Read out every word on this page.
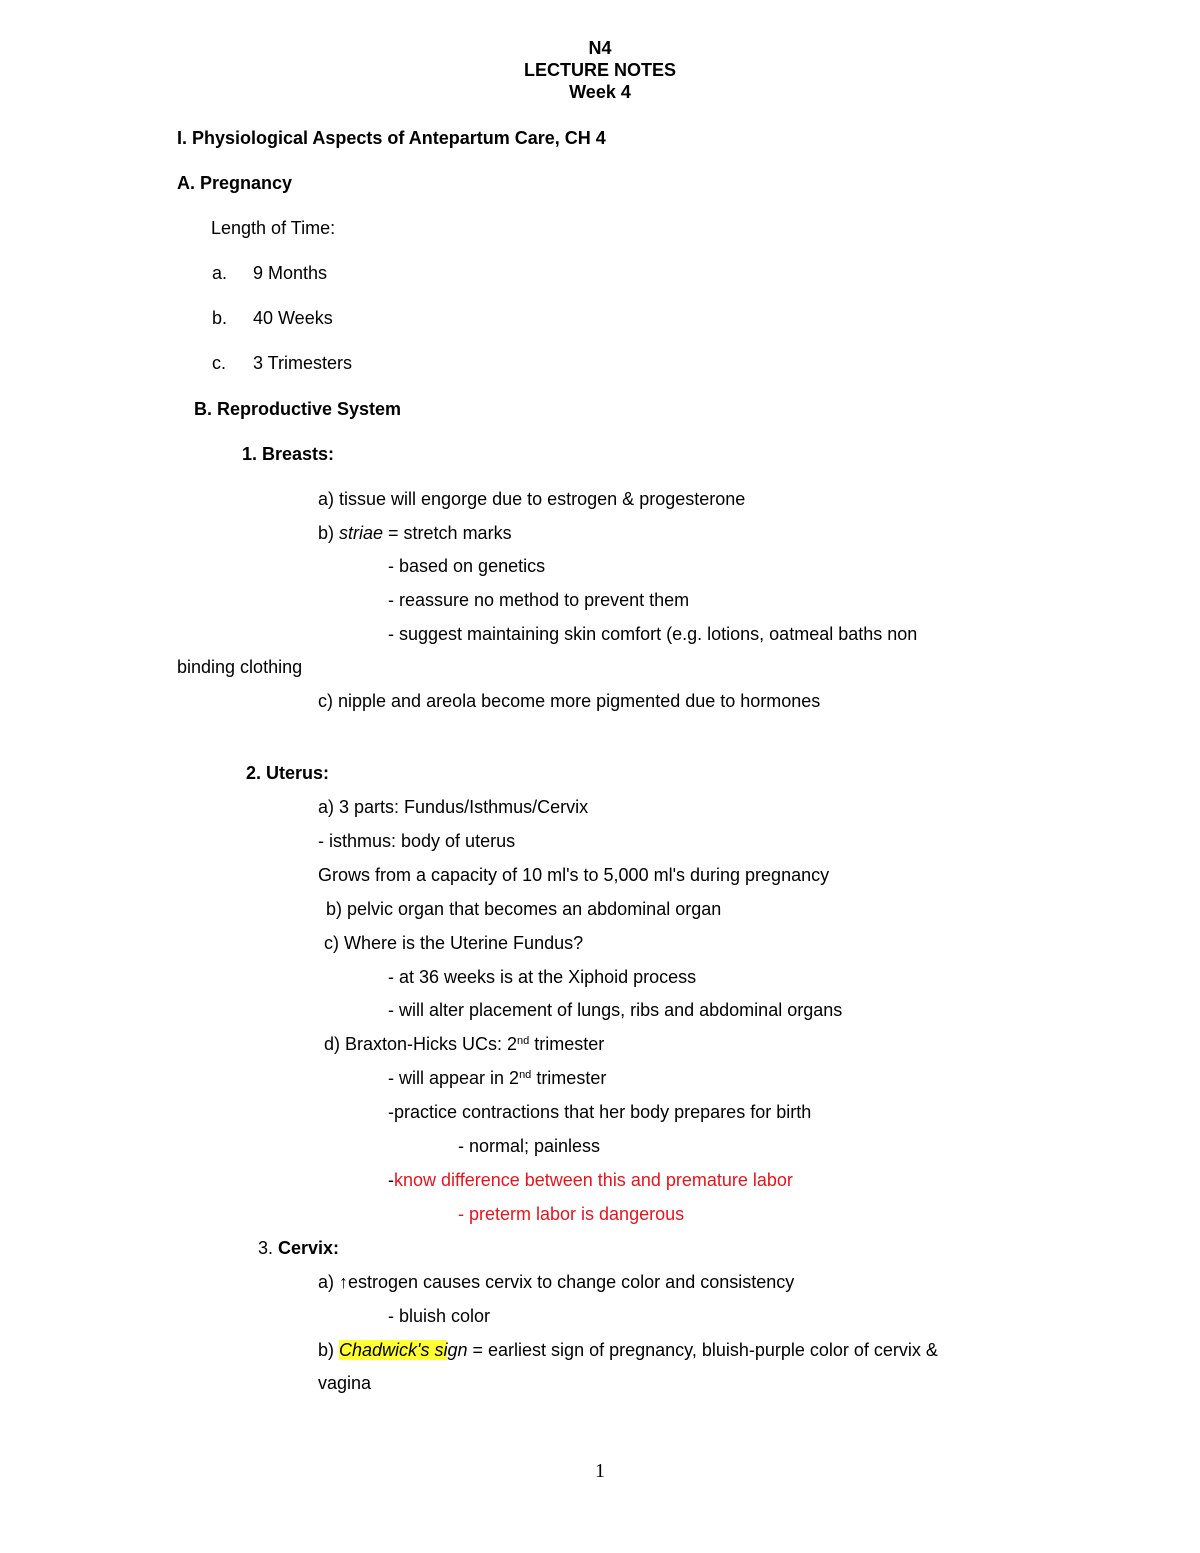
N4
LECTURE NOTES
Week 4
I. Physiological Aspects of Antepartum Care, CH 4
A. Pregnancy
Length of Time:
a. 9 Months
b. 40 Weeks
c. 3 Trimesters
B. Reproductive System
1. Breasts:
a) tissue will engorge due to estrogen & progesterone
b) striae = stretch marks
- based on genetics
- reassure no method to prevent them
- suggest maintaining skin comfort (e.g. lotions, oatmeal baths non
binding clothing
c) nipple and areola become more pigmented due to hormones
2. Uterus:
a) 3 parts: Fundus/Isthmus/Cervix
- isthmus: body of uterus
Grows from a capacity of 10 ml's to 5,000 ml's during pregnancy
b) pelvic organ that becomes an abdominal organ
c) Where is the Uterine Fundus?
- at 36 weeks is at the Xiphoid process
- will alter placement of lungs, ribs and abdominal organs
d) Braxton-Hicks UCs: 2nd trimester
- will appear in 2nd trimester
-practice contractions that her body prepares for birth
- normal; painless
-know difference between this and premature labor
- preterm labor is dangerous
3. Cervix:
a) ↑estrogen causes cervix to change color and consistency
- bluish color
b) Chadwick's sign = earliest sign of pregnancy, bluish-purple color of cervix &
vagina
1
